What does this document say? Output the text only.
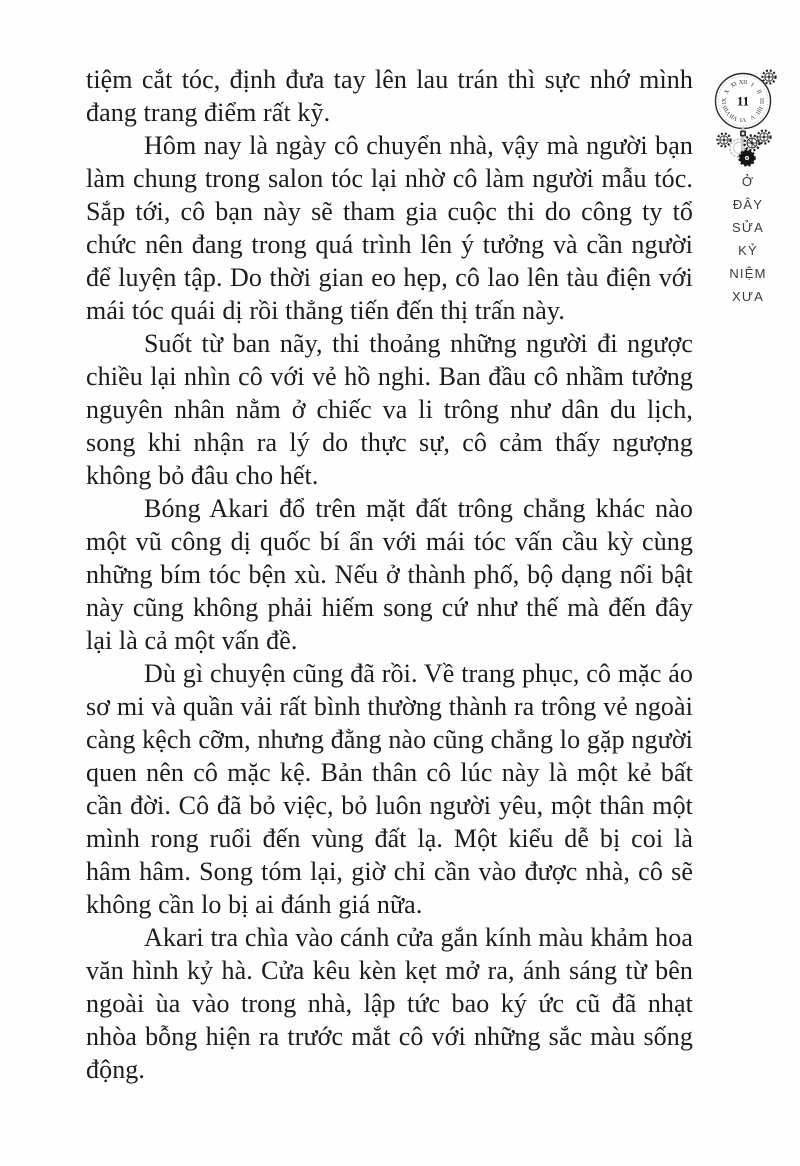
tiệm cắt tóc, định đưa tay lên lau trán thì sực nhớ mình đang trang điểm rất kỹ.

Hôm nay là ngày cô chuyển nhà, vậy mà người bạn làm chung trong salon tóc lại nhờ cô làm người mẫu tóc. Sắp tới, cô bạn này sẽ tham gia cuộc thi do công ty tổ chức nên đang trong quá trình lên ý tưởng và cần người để luyện tập. Do thời gian eo hẹp, cô lao lên tàu điện với mái tóc quái dị rồi thẳng tiến đến thị trấn này.

Suốt từ ban nãy, thi thoảng những người đi ngược chiều lại nhìn cô với vẻ hồ nghi. Ban đầu cô nhầm tưởng nguyên nhân nằm ở chiếc va li trông như dân du lịch, song khi nhận ra lý do thực sự, cô cảm thấy ngượng không bỏ đâu cho hết.

Bóng Akari đổ trên mặt đất trông chẳng khác nào một vũ công dị quốc bí ẩn với mái tóc vấn cầu kỳ cùng những bím tóc bện xù. Nếu ở thành phố, bộ dạng nổi bật này cũng không phải hiếm song cứ như thế mà đến đây lại là cả một vấn đề.

Dù gì chuyện cũng đã rồi. Về trang phục, cô mặc áo sơ mi và quần vải rất bình thường thành ra trông vẻ ngoài càng kệch cỡm, nhưng đằng nào cũng chẳng lo gặp người quen nên cô mặc kệ. Bản thân cô lúc này là một kẻ bất cần đời. Cô đã bỏ việc, bỏ luôn người yêu, một thân một mình rong ruổi đến vùng đất lạ. Một kiểu dễ bị coi là hâm hâm. Song tóm lại, giờ chỉ cần vào được nhà, cô sẽ không cần lo bị ai đánh giá nữa.

Akari tra chìa vào cánh cửa gắn kính màu khảm hoa văn hình kỷ hà. Cửa kêu kèn kẹt mở ra, ánh sáng từ bên ngoài ùa vào trong nhà, lập tức bao ký ức cũ đã nhạt nhòa bỗng hiện ra trước mắt cô với những sắc màu sống động.

XII I
II
III
IIII
V
VI
VII
VIII
IX
X
XI
11
Ở
ĐÂY
SỬA
KỶ
NIỆM
XƯA
